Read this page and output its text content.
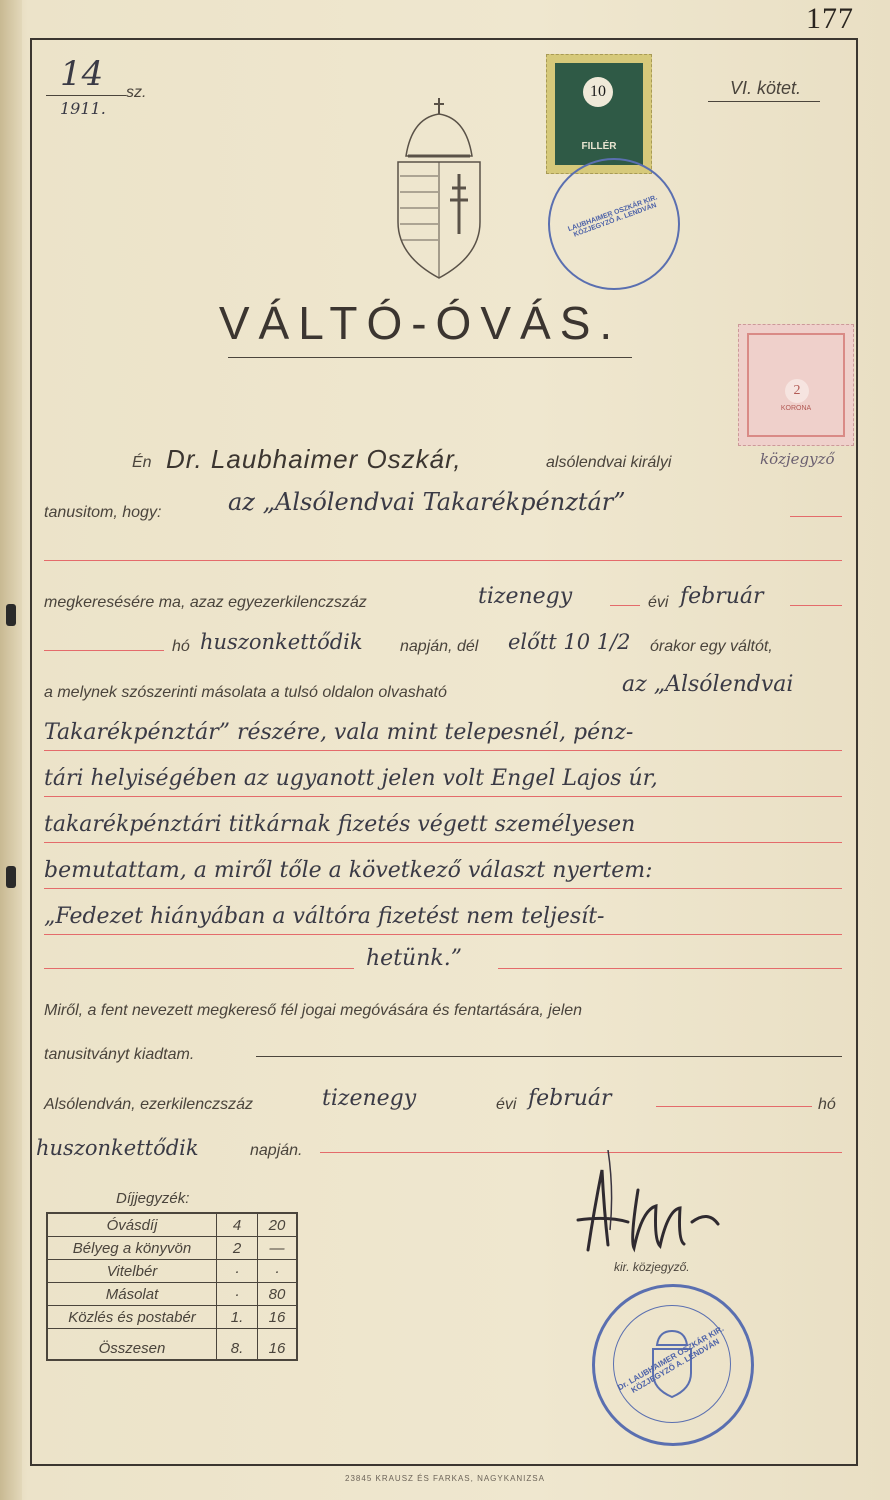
177
14 sz.
1911.
VI. kötet.
10
FILLÉR
LAUBHAIMER OSZKÁR KIR. KÖZJEGYZŐ A. LENDVÁN
2
KORONA
VÁLTÓ-ÓVÁS.
Én Dr. Laubhaimer Oszkár,	alsólendvai királyi	közjegyző
tanusitom, hogy:	az „Alsólendvai Takarékpénztár”
megkeresésére ma, azaz egyezerkilenczszáz	tizenegy	évi február
hó huszonkettődik napján, dél előtt 10 1/2 órakor egy váltót,
a melynek szószerinti másolata a tulsó oldalon olvasható	az „Alsólendvai
Takarékpénztár” részére, vala mint telepesnél, pénz-
tári helyiségében az ugyanott jelen volt Engel Lajos úr,
takarékpénztári titkárnak fizetés végett személyesen
bemutattam, a miről tőle a következő választ nyertem:
„Fedezet hiányában a váltóra fizetést nem teljesít-
hetünk.”
Miről, a fent nevezett megkereső fél jogai megóvására és fentartására, jelen
tanusitványt kiadtam.
Alsólendván, ezerkilenczszáz	tizenegy	évi február	hó
huszonkettődik	napján.
Díjjegyzék:
Óvásdíj	4	20
Bélyeg a könyvön	2	—
Vitelbér	·	·
Másolat	·	80
Közlés és postabér	1.	16
Összesen	8.	16
kir. közjegyző.
Dr. LAUBHAIMER OSZKÁR KIR. KÖZJEGYZŐ A. LENDVÁN
23845 KRAUSZ ÉS FARKAS, NAGYKANIZSA
